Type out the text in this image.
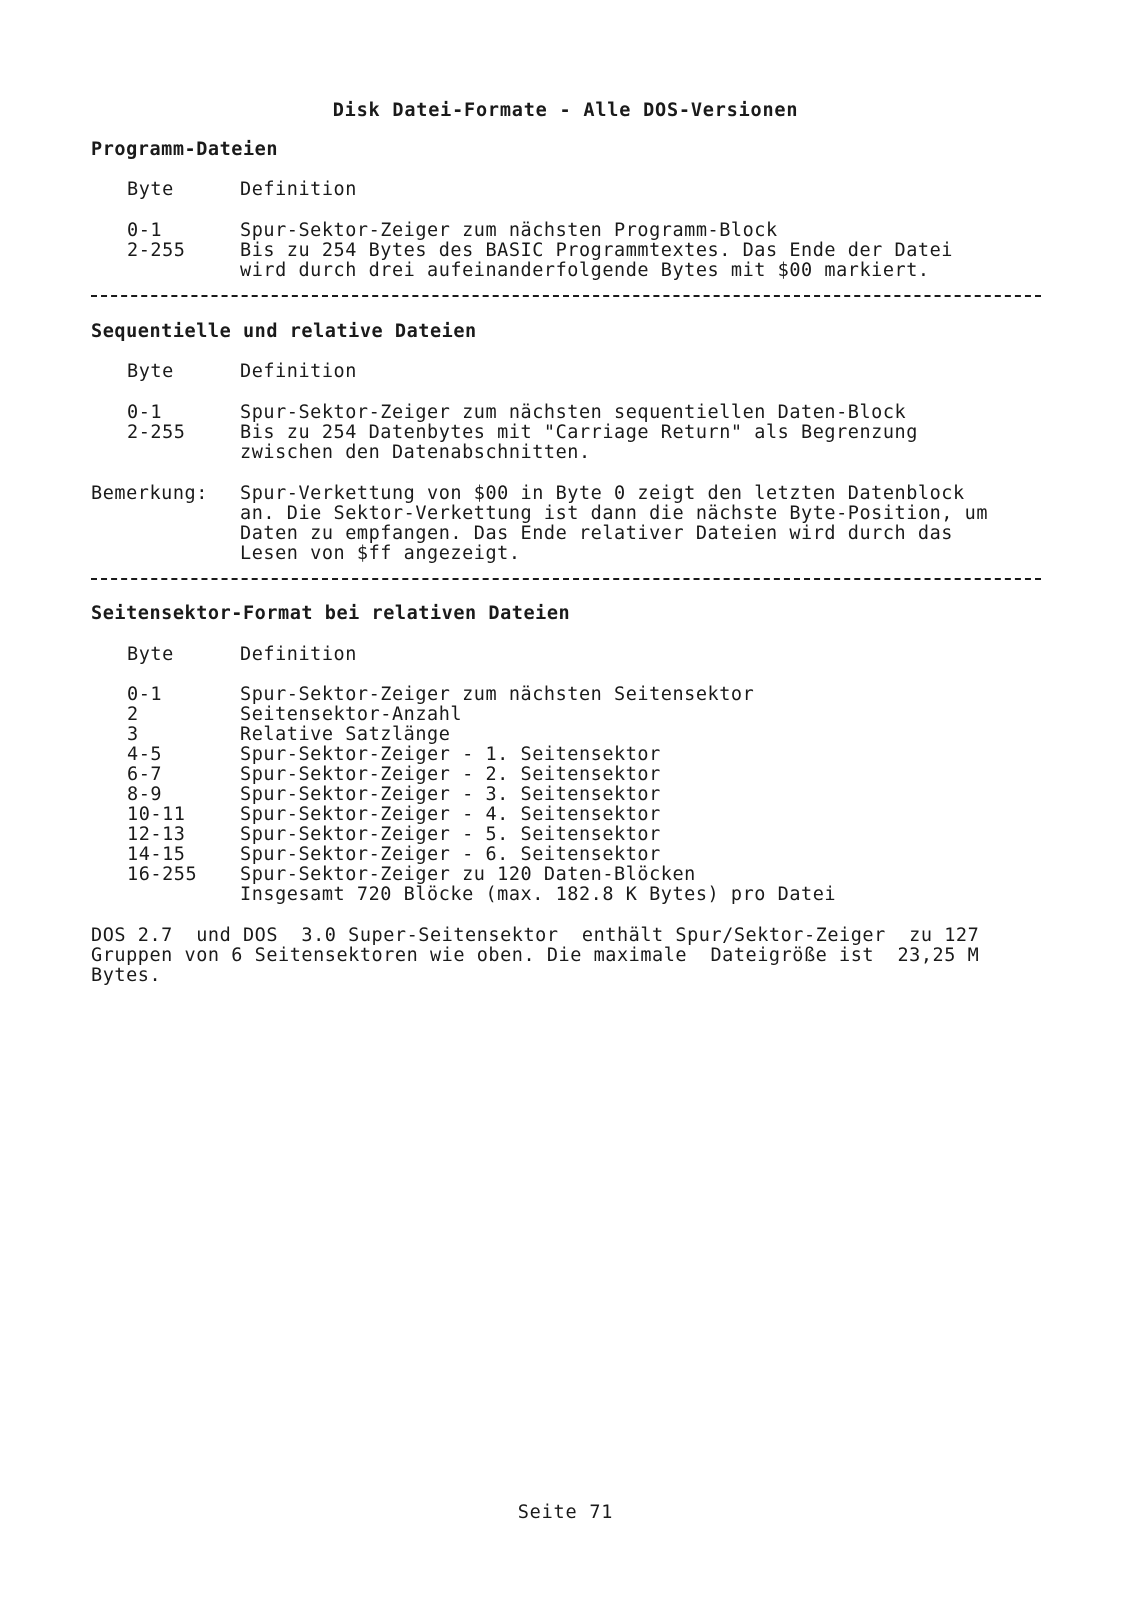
Disk Datei-Formate - Alle DOS-Versionen
Programm-Dateien
Byte	Definition
0-1	Spur-Sektor-Zeiger zum nächsten Programm-Block
2-255	Bis zu 254 Bytes des BASIC Programmtextes. Das Ende der Datei
wird durch drei aufeinanderfolgende Bytes mit $00 markiert.
Sequentielle und relative Dateien
Byte	Definition
0-1	Spur-Sektor-Zeiger zum nächsten sequentiellen Daten-Block
2-255	Bis zu 254 Datenbytes mit "Carriage Return" als Begrenzung
zwischen den Datenabschnitten.
Bemerkung: Spur-Verkettung von $00 in Byte 0 zeigt den letzten Datenblock
an. Die Sektor-Verkettung ist dann die nächste Byte-Position, um
Daten zu empfangen. Das Ende relativer Dateien wird durch das
Lesen von $ff angezeigt.
Seitensektor-Format bei relativen Dateien
Byte	Definition
0-1	Spur-Sektor-Zeiger zum nächsten Seitensektor
2	Seitensektor-Anzahl
3	Relative Satzlänge
4-5	Spur-Sektor-Zeiger - 1. Seitensektor
6-7	Spur-Sektor-Zeiger - 2. Seitensektor
8-9	Spur-Sektor-Zeiger - 3. Seitensektor
10-11	Spur-Sektor-Zeiger - 4. Seitensektor
12-13	Spur-Sektor-Zeiger - 5. Seitensektor
14-15	Spur-Sektor-Zeiger - 6. Seitensektor
16-255 Spur-Sektor-Zeiger zu 120 Daten-Blöcken
Insgesamt 720 Blöcke (max. 182.8 K Bytes) pro Datei
DOS 2.7  und DOS  3.0 Super-Seitensektor  enthält Spur/Sektor-Zeiger  zu 127
Gruppen von 6 Seitensektoren wie oben. Die maximale  Dateigröße ist  23,25 M
Bytes.
Seite 71
